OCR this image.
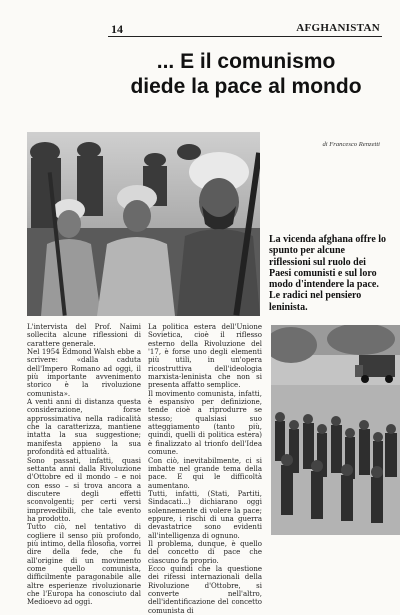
14	AFGHANISTAN
... E il comunismo
diede la pace al mondo
di Francesco Renzetti

La vicenda afghana offre lo spunto per alcune riflessioni sul ruolo dei Paesi comunisti e sul loro modo d'intendere la pace. Le radici nel pensiero leninista.

L'intervista del Prof. Naimi sollecita alcune riflessioni di carattere generale.
Nel 1954 Edmond Walsh ebbe a scrivere: «dalla caduta dell'Impero Romano ad oggi, il più importante avvenimento storico è la rivoluzione comunista».
A venti anni di distanza questa considerazione, forse approssimativa nella radicalità che la caratterizza, mantiene intatta la sua suggestione; manifesta appieno la sua profondità ed attualità.
Sono passati, infatti, quasi settanta anni dalla Rivoluzione d'Ottobre ed il mondo – e noi con esso – si trova ancora a discutere degli effetti sconvolgenti; per certi versi imprevedibili, che tale evento ha prodotto.
Tutto ciò, nel tentativo di cogliere il senso più profondo, più intimo, della filosofia, vorrei dire della fede, che fu all'origine di un movimento come quello comunista, difficilmente paragonabile alle altre esperienze rivoluzionarie che l'Europa ha conosciuto dal Medioevo ad oggi.

La politica estera dell'Unione Sovietica, cioè il riflesso esterno della Rivoluzione del '17, è forse uno degli elementi più utili, in un'opera ricostruttiva dell'ideologia marxista-leninista che non si presenta affatto semplice.
Il movimento comunista, infatti, è espansivo per definizione, tende cioè a riprodurre se stesso; qualsiasi suo atteggiamento (tanto più, quindi, quelli di politica estera) è finalizzato al trionfo dell'Idea comune.
Con ciò, inevitabilmente, ci si imbatte nel grande tema della pace. E qui le difficoltà aumentano.
Tutti, infatti, (Stati, Partiti, Sindacati...) dichiarano oggi solennemente di volere la pace; eppure, i rischi di una guerra devastatrice sono evidenti all'intelligenza di ognuno.
Il problema, dunque, è quello del concetto di pace che ciascuno fa proprio.
Ecco quindi che la questione dei rifessi internazionali della Rivoluzione d'Ottobre, si converte nell'altro, dell'identificazione del concetto comunista di
